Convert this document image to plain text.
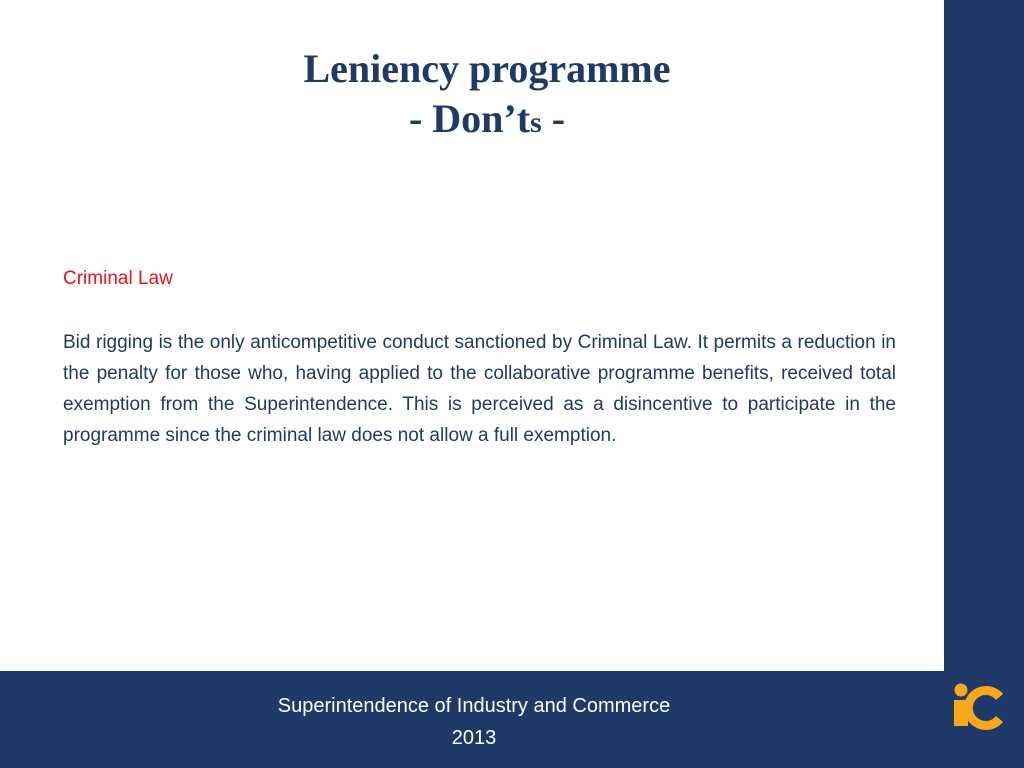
Leniency programme
- Don’ts -
Criminal Law

Bid rigging is the only anticompetitive conduct sanctioned by Criminal Law. It permits a reduction in the penalty for those who, having applied to the collaborative programme benefits, received total exemption from the Superintendence. This is perceived as a disincentive to participate in the programme since the criminal law does not allow a full exemption.

Superintendence of Industry and Commerce
2013
